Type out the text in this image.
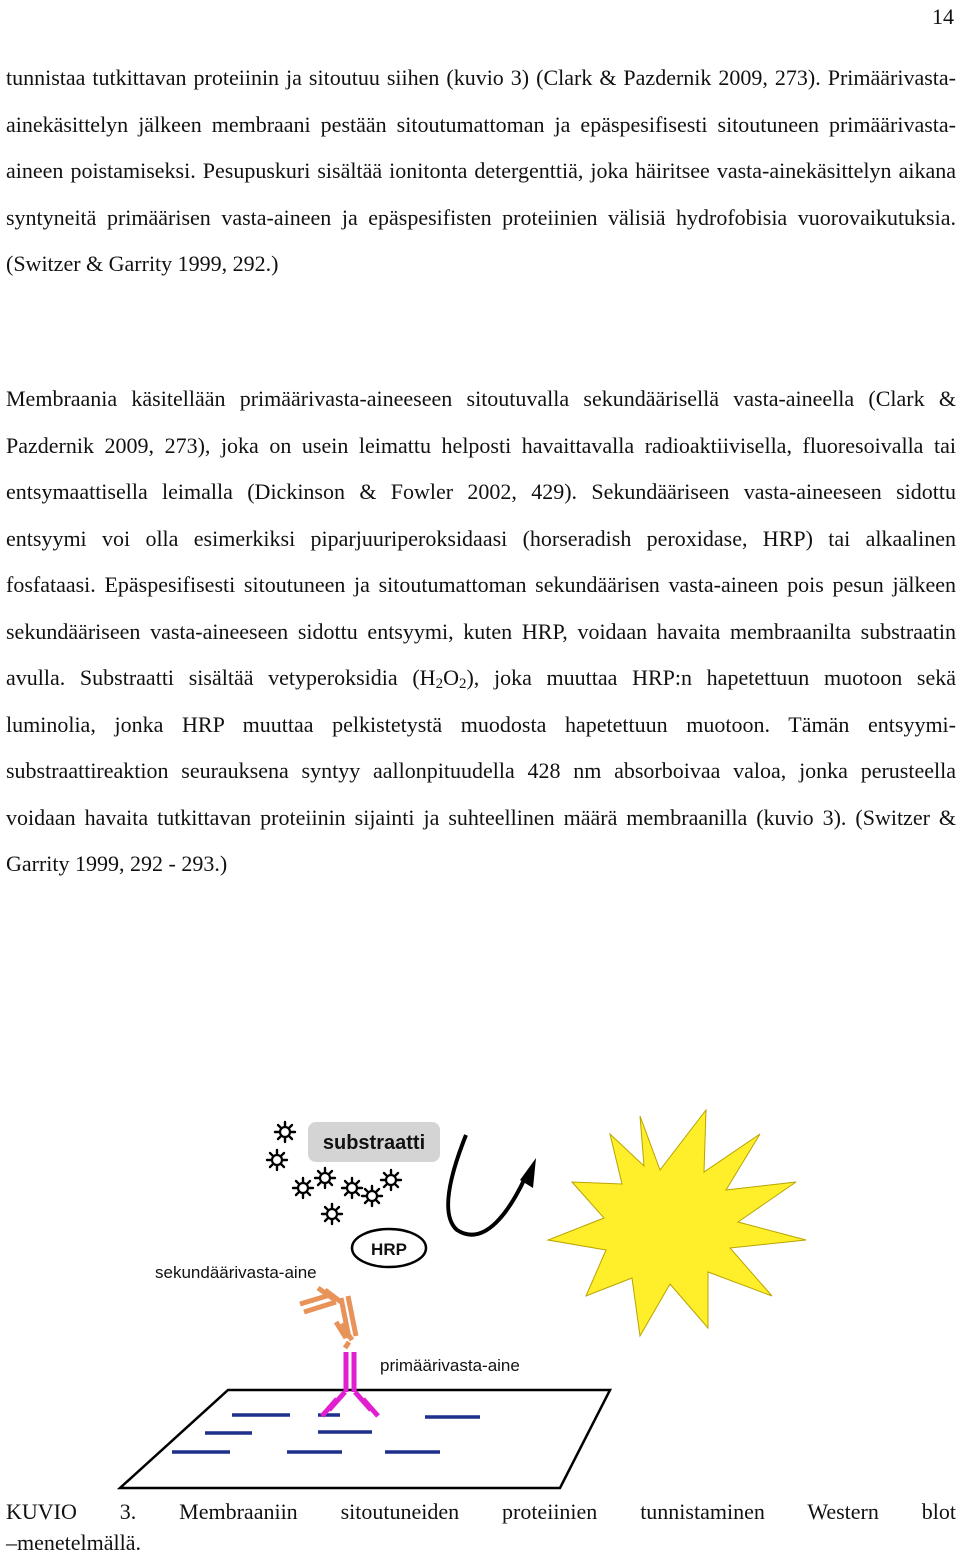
14

tunnistaa tutkittavan proteiinin ja sitoutuu siihen (kuvio 3) (Clark & Pazdernik 2009, 273). Primäärivasta-ainekäsittelyn jälkeen membraani pestään sitoutumattoman ja epäspesifisesti sitoutuneen primäärivasta-aineen poistamiseksi. Pesupuskuri sisältää ionitonta detergenttiä, joka häiritsee vasta-ainekäsittelyn aikana syntyneitä primäärisen vasta-aineen ja epäspesifisten proteiinien välisiä hydrofobisia vuorovaikutuksia. (Switzer & Garrity 1999, 292.)

Membraania käsitellään primäärivasta-aineeseen sitoutuvalla sekundäärisellä vasta-aineella (Clark & Pazdernik 2009, 273), joka on usein leimattu helposti havaittavalla radioaktiivisella, fluoresoivalla tai entsymaattisella leimalla (Dickinson & Fowler 2002, 429). Sekundääriseen vasta-aineeseen sidottu entsyymi voi olla esimerkiksi piparjuuriperoksidaasi (horseradish peroxidase, HRP) tai alkaalinen fosfataasi. Epäspesifisesti sitoutuneen ja sitoutumattoman sekundäärisen vasta-aineen pois pesun jälkeen sekundääriseen vasta-aineeseen sidottu entsyymi, kuten HRP, voidaan havaita membraanilta substraatin avulla. Substraatti sisältää vetyperoksidia $(H_2O_2)$, joka muuttaa HRP:n hapetettuun muotoon sekä luminolia, jonka HRP muuttaa pelkistetystä muodosta hapetettuun muotoon. Tämän entsyymi-substraattireaktion seurauksena syntyy aallonpituudella 428 nm absorboivaa valoa, jonka perusteella voidaan havaita tutkittavan proteiinin sijainti ja suhteellinen määrä membraanilla (kuvio 3). (Switzer & Garrity 1999, 292 - 293.)

HRP
substraatti
sekundäärivasta-aine
primäärivasta-aine

KUVIO 3. Membraaniin sitoutuneiden proteiinien tunnistaminen Western blot

–menetelmällä.
